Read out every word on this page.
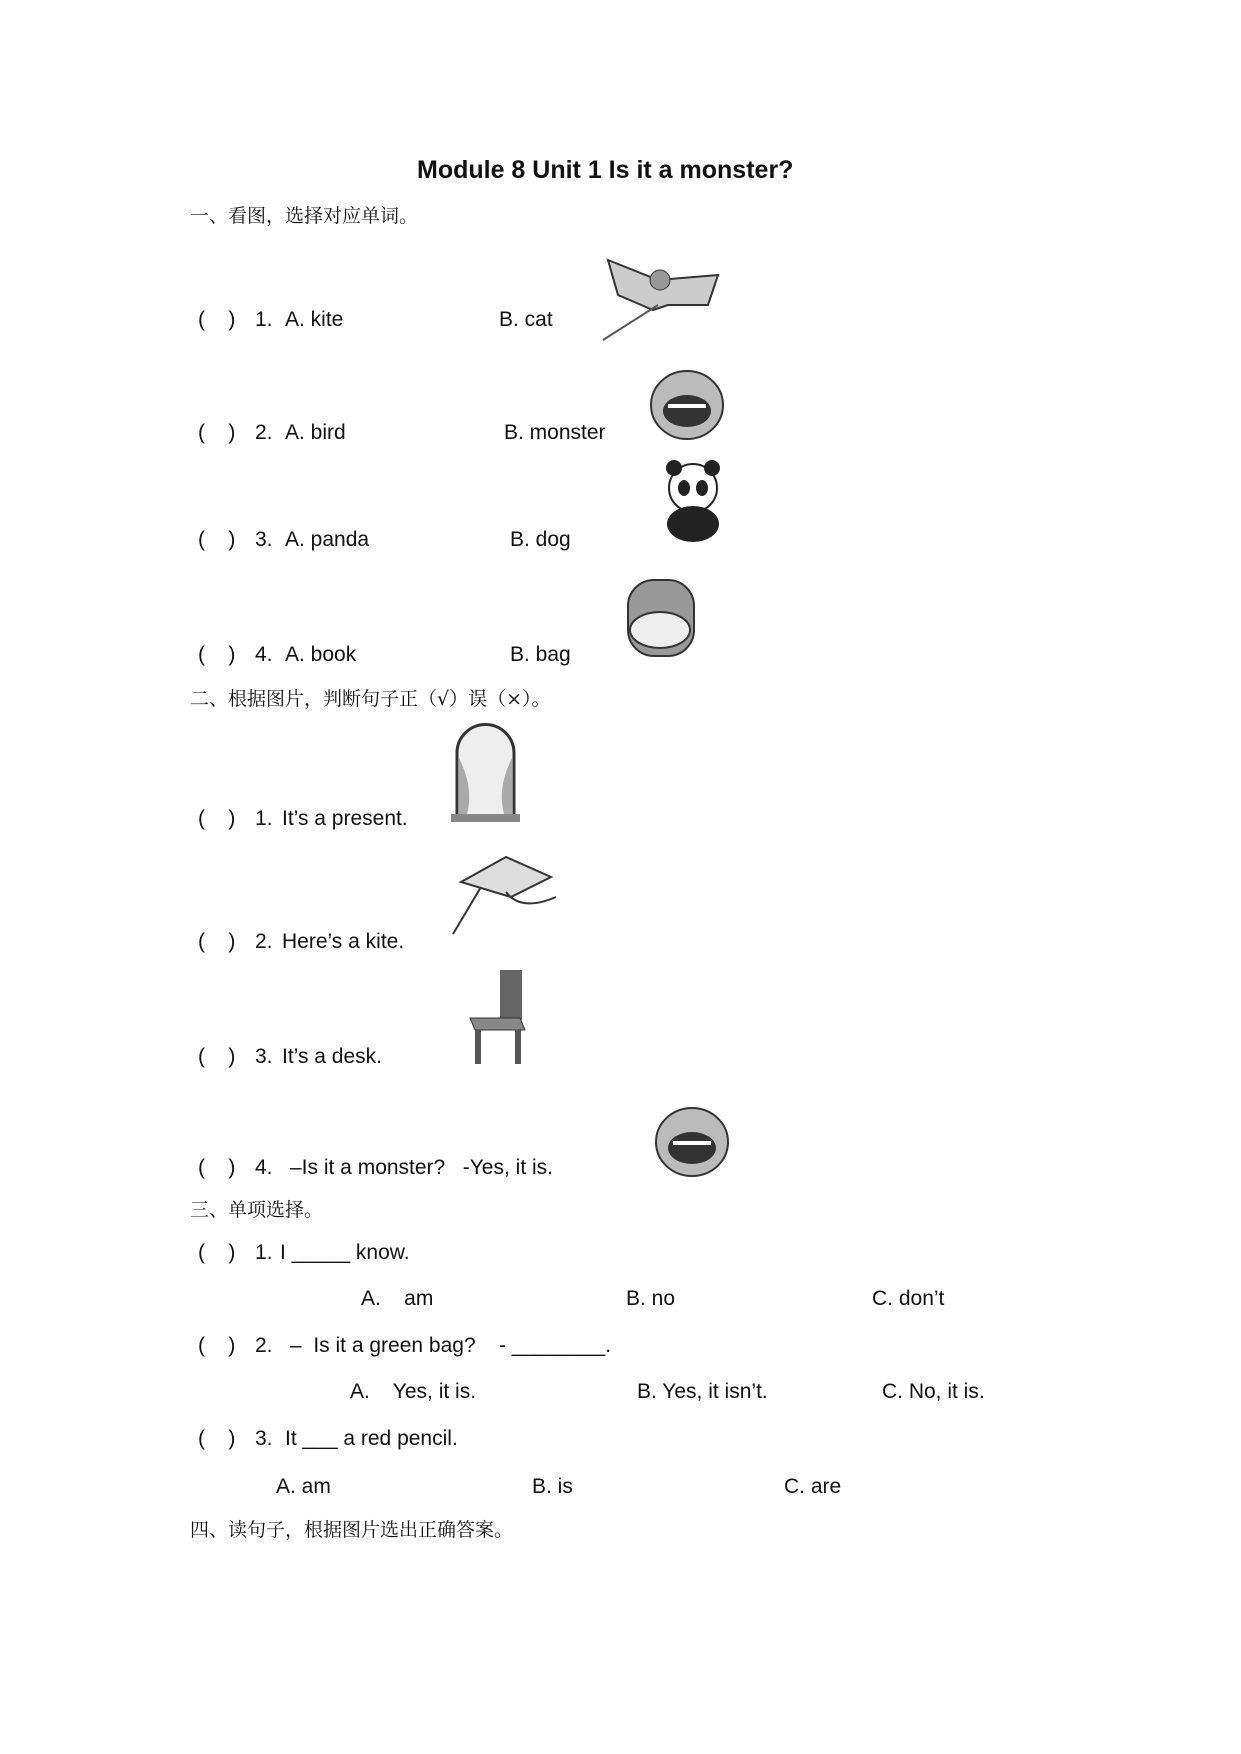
Module 8 Unit 1 Is it a monster?
一、看图，选择对应单词。
(    ) 1. A. kite	B. cat
(    ) 2. A. bird	B. monster
(    ) 3. A. panda	B. dog
(    ) 4. A. book	B. bag
二、根据图片，判断句子正（√）误（×）。
(    ) 1. It’s a present.
(    ) 2. Here’s a kite.
(    ) 3. It’s a desk.
(    ) 4. –Is it a monster?   -Yes, it is.
三、单项选择。
(    ) 1. I _____ know.
A.    am	B. no	C. don’t
(    ) 2. –  Is it a green bag?    - ________.
A.    Yes, it is.	B. Yes, it isn’t.	C. No, it is.
(    ) 3. It ___ a red pencil.
A. am	B. is	C. are
四、读句子，根据图片选出正确答案。
